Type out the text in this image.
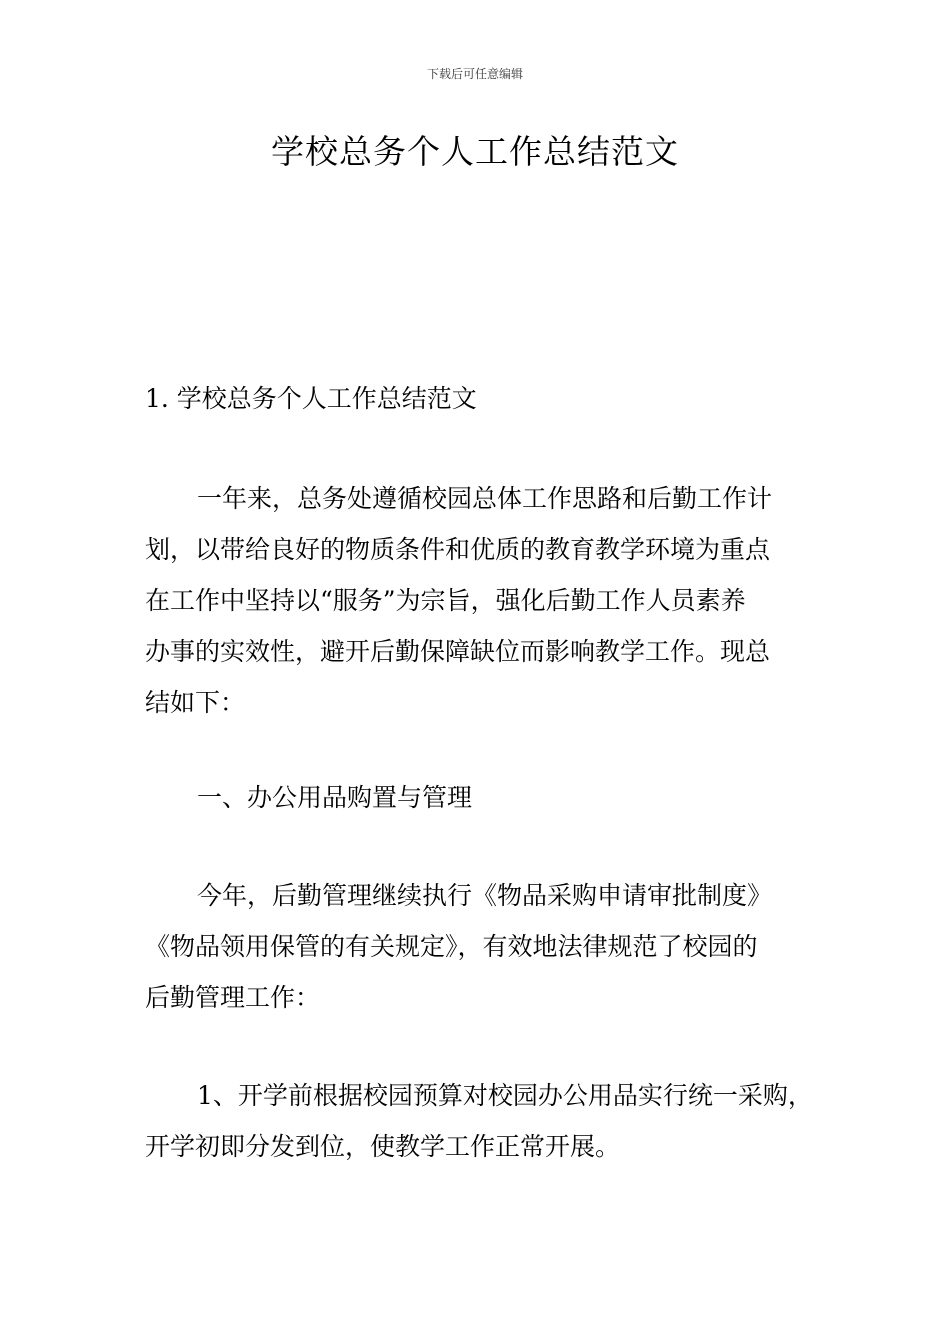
下载后可任意编辑
学校总务个人工作总结范文

1. 学校总务个人工作总结范文

一年来，总务处遵循校园总体工作思路和后勤工作计
划，以带给良好的物质条件和优质的教育教学环境为重点
在工作中坚持以“服务”为宗旨，强化后勤工作人员素养
办事的实效性，避开后勤保障缺位而影响教学工作。现总
结如下：

一、办公用品购置与管理

今年，后勤管理继续执行《物品采购申请审批制度》
《物品领用保管的有关规定》，有效地法律规范了校园的
后勤管理工作：

1、开学前根据校园预算对校园办公用品实行统一采购，
开学初即分发到位，使教学工作正常开展。
